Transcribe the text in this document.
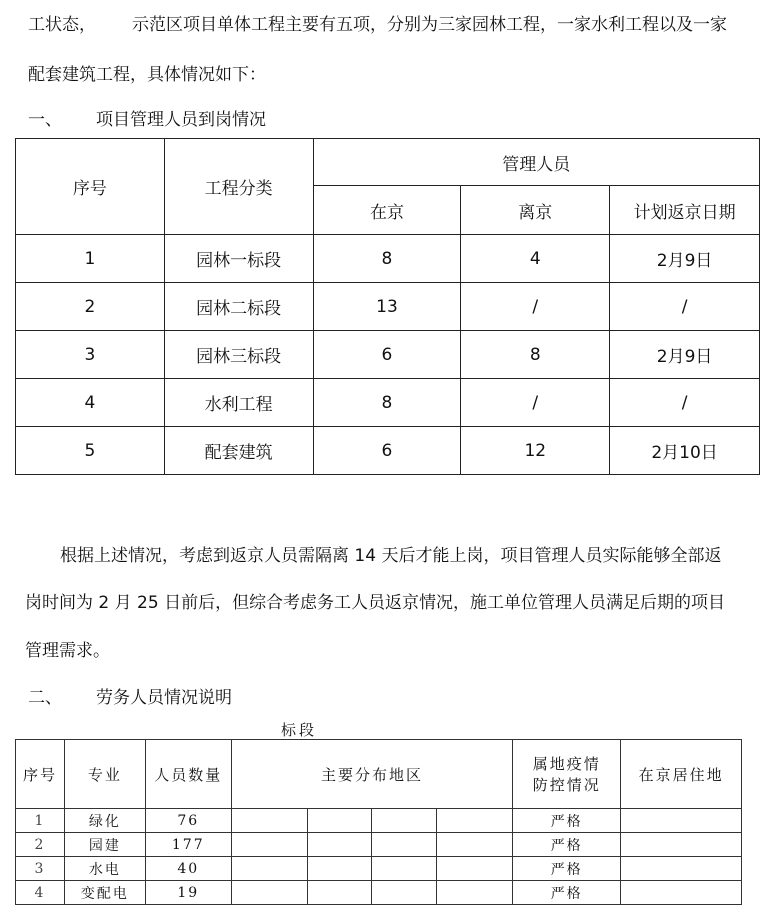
工状态， 示范区项目单体工程主要有五项，分别为三家园林工程，一家水利工程以及一家
配套建筑工程，具体情况如下：
一、 项目管理人员到岗情况
序号	工程分类	管理人员		
		在京	离京	计划返京日期
1	园林一标段	8	4	2月9日
2	园林二标段	13	/	/
3	园林三标段	6	8	2月9日
4	水利工程	8	/	/
5	配套建筑	6	12	2月10日
根据上述情况，考虑到返京人员需隔离 14 天后才能上岗，项目管理人员实际能够全部返
岗时间为 2 月 25 日前后，但综合考虑务工人员返京情况，施工单位管理人员满足后期的项目
管理需求。
二、 劳务人员情况说明
标段
序号	专业	人员数量	主要分布地区				属地疫情防控情况	在京居住地
1	绿化	76					严格	
2	园建	177					严格	
3	水电	40					严格	
4	变配电	19					严格	
